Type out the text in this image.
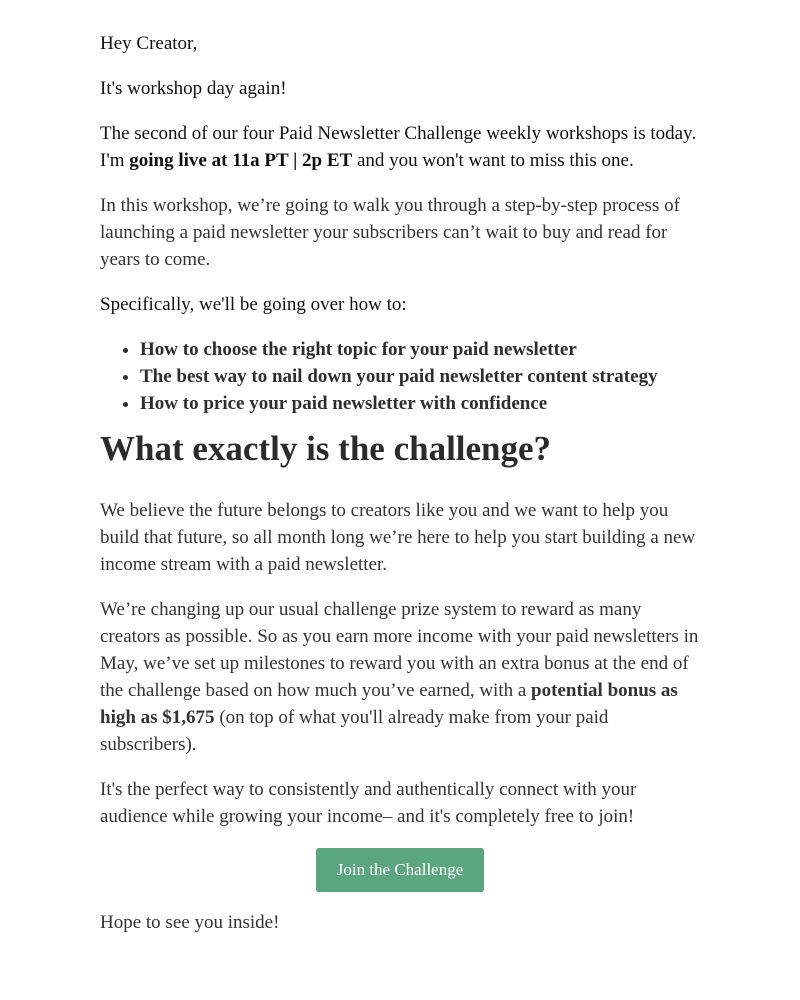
Hey Creator,

It's workshop day again!

The second of our four Paid Newsletter Challenge weekly workshops is today. I'm going live at 11a PT | 2p ET and you won't want to miss this one.

In this workshop, we’re going to walk you through a step-by-step process of launching a paid newsletter your subscribers can’t wait to buy and read for years to come.

Specifically, we'll be going over how to:

• How to choose the right topic for your paid newsletter
• The best way to nail down your paid newsletter content strategy
• How to price your paid newsletter with confidence
What exactly is the challenge?

We believe the future belongs to creators like you and we want to help you build that future, so all month long we’re here to help you start building a new income stream with a paid newsletter.

We’re changing up our usual challenge prize system to reward as many creators as possible. So as you earn more income with your paid newsletters in May, we’ve set up milestones to reward you with an extra bonus at the end of the challenge based on how much you’ve earned, with a potential bonus as high as $1,675 (on top of what you'll already make from your paid subscribers).

It's the perfect way to consistently and authentically connect with your audience while growing your income– and it's completely free to join!

Join the Challenge

Hope to see you inside!
